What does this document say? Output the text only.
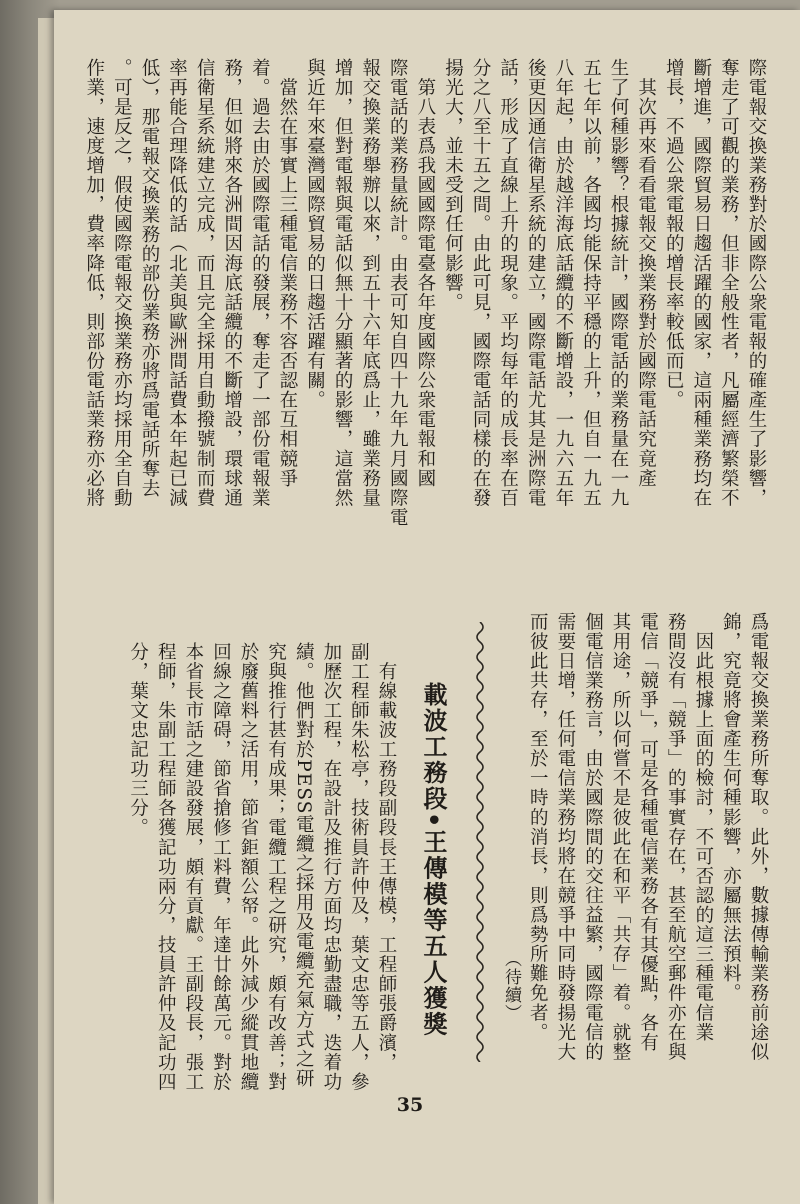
際電報交換業務對於國際公衆電報的確產生了影響，
奪走了可觀的業務，但非全般性者，凡屬經濟繁榮不
斷增進，國際貿易日趨活躍的國家，這兩種業務均在
增長，不過公衆電報的增長率較低而已。
　其次再來看看電報交換業務對於國際電話究竟產
生了何種影響？根據統計，國際電話的業務量在一九
五七年以前，各國均能保持平穩的上升，但自一九五
八年起，由於越洋海底話纜的不斷增設，一九六五年
後更因通信衛星系統的建立，國際電話尤其是洲際電
話，形成了直線上升的現象。平均每年的成長率在百
分之八至十五之間。由此可見，國際電話同樣的在發
揚光大，並未受到任何影響。
　第八表爲我國國際電臺各年度國際公衆電報和國
際電話的業務量統計。由表可知自四十九年九月國際電
報交換業務舉辦以來，到五十六年底爲止，雖業務量
增加，但對電報與電話似無十分顯著的影響，這當然
與近年來臺灣國際貿易的日趨活躍有關。
　當然在事實上三種電信業務不容否認在互相競爭
着。過去由於國際電話的發展，奪走了一部份電報業
務，但如將來各洲間因海底話纜的不斷增設，環球通
信衛星系統建立完成，而且完全採用自動撥號制而費
率再能合理降低的話（北美與歐洲間話費本年起已減
低），那電報交換業務的部份業務亦將爲電話所奪去
。可是反之，假使國際電報交換業務亦均採用全自動
作業，速度增加，費率降低，則部份電話業務亦必將
爲電報交換業務所奪取。此外，數據傳輸業務前途似
錦，究竟將會產生何種影響，亦屬無法預料。
　因此根據上面的檢討，不可否認的這三種電信業
務間沒有「競爭」的事實存在，甚至航空郵件亦在與
電信「競爭」，可是各種電信業務各有其優點，各有
其用途，所以何嘗不是彼此在和平「共存」着。就整
個電信業務言，由於國際間的交往益繁，國際電信的
需要日增，任何電信業務均將在競爭中同時發揚光大
而彼此共存，至於一時的消長，則爲勢所難免者。
（待續）
載波工務段•王傳模等五人獲獎
　有線載波工務段副段長王傳模，工程師張爵濱，
副工程師朱松亭，技術員許仲及，葉文忠等五人，參
加歷次工程，在設計及推行方面均忠勤盡職，迭着功
績。他們對於PESS電纜之採用及電纜充氣方式之研
究與推行甚有成果；電纜工程之研究，頗有改善；對
於廢舊料之活用，節省鉅額公帑。此外減少縱貫地纜
回線之障碍，節省搶修工料費，年達廿餘萬元。對於
本省長市話之建設發展，頗有貢獻。王副段長，張工
程師，朱副工程師各獲記功兩分，技員許仲及記功四
分，葉文忠記功三分。
35
